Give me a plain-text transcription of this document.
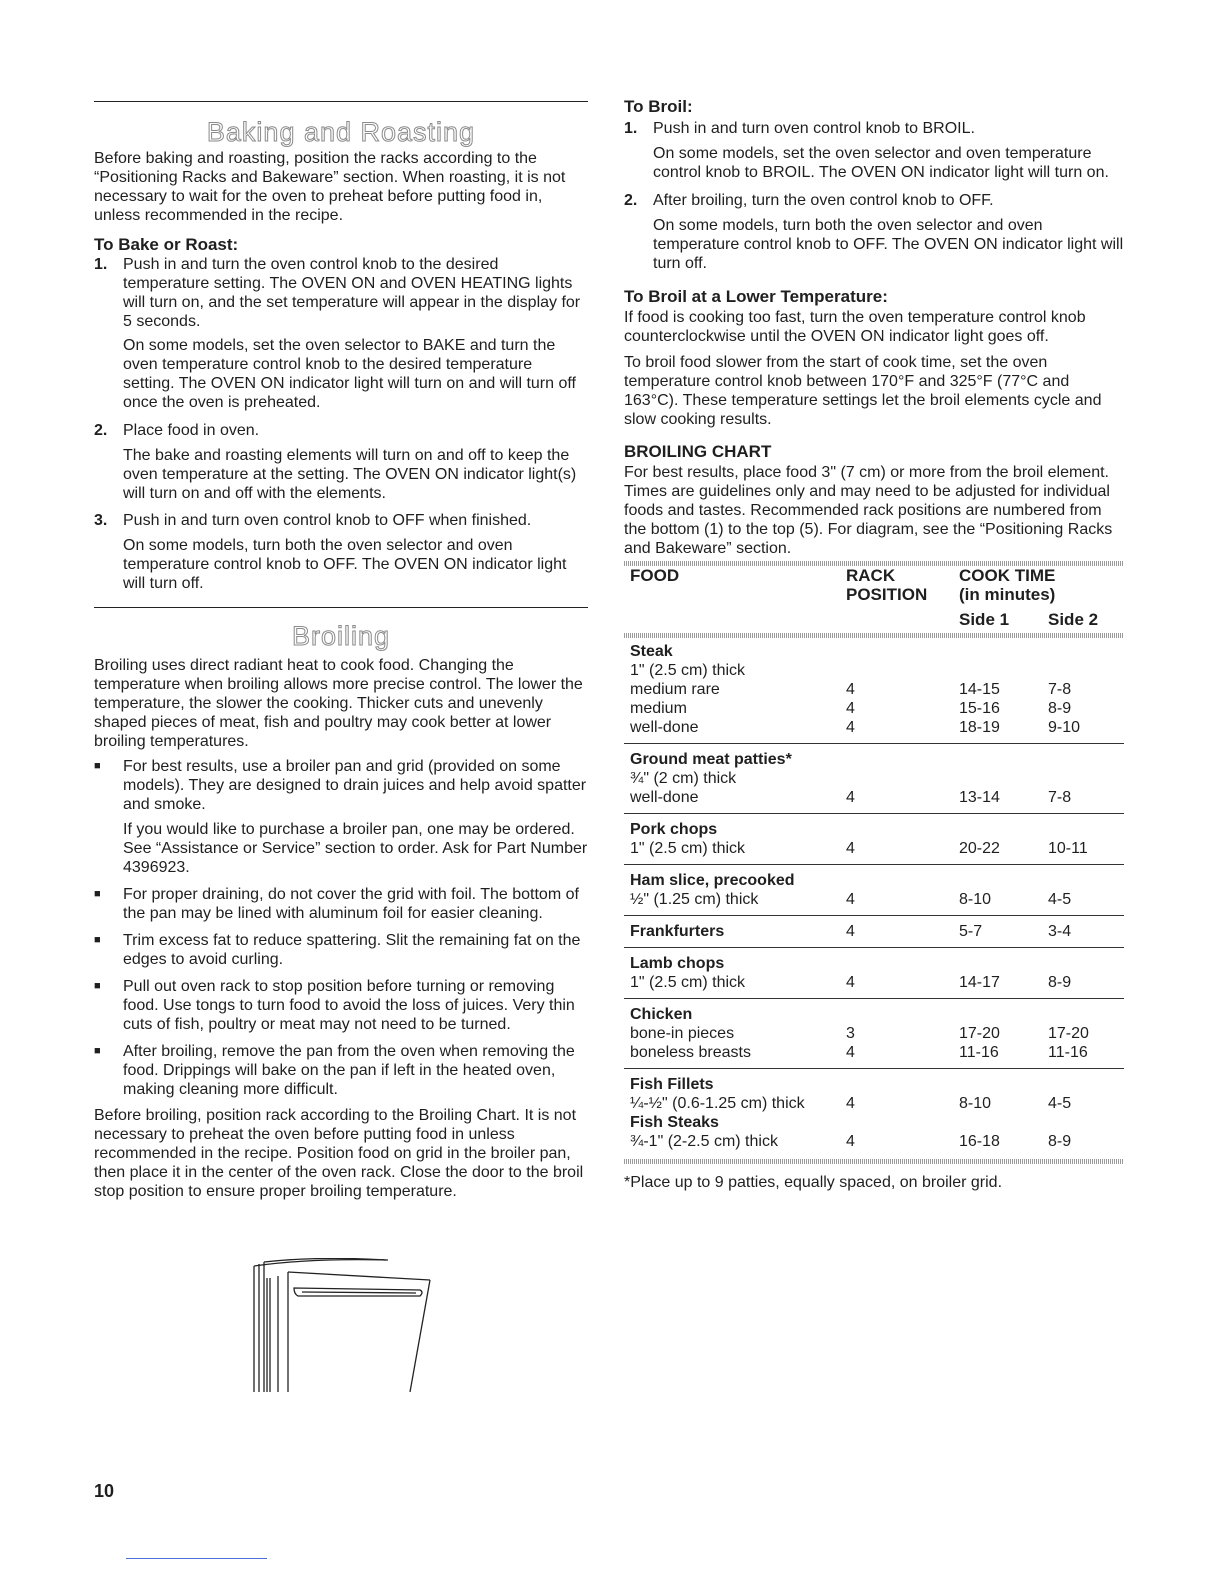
Baking and Roasting

Before baking and roasting, position the racks according to the “Positioning Racks and Bakeware” section. When roasting, it is not necessary to wait for the oven to preheat before putting food in, unless recommended in the recipe.

To Bake or Roast:
1. Push in and turn the oven control knob to the desired temperature setting. The OVEN ON and OVEN HEATING lights will turn on, and the set temperature will appear in the display for 5 seconds.

On some models, set the oven selector to BAKE and turn the oven temperature control knob to the desired temperature setting. The OVEN ON indicator light will turn on and will turn off once the oven is preheated.

2. Place food in oven.

The bake and roasting elements will turn on and off to keep the oven temperature at the setting. The OVEN ON indicator light(s) will turn on and off with the elements.

3. Push in and turn oven control knob to OFF when finished.

On some models, turn both the oven selector and oven temperature control knob to OFF. The OVEN ON indicator light will turn off.

Broiling

Broiling uses direct radiant heat to cook food. Changing the temperature when broiling allows more precise control. The lower the temperature, the slower the cooking. Thicker cuts and unevenly shaped pieces of meat, fish and poultry may cook better at lower broiling temperatures.

■	For best results, use a broiler pan and grid (provided on some models). They are designed to drain juices and help avoid spatter and smoke.

If you would like to purchase a broiler pan, one may be ordered. See “Assistance or Service” section to order. Ask for Part Number 4396923.

■	For proper draining, do not cover the grid with foil. The bottom of the pan may be lined with aluminum foil for easier cleaning.
■	Trim excess fat to reduce spattering. Slit the remaining fat on the edges to avoid curling.
■	Pull out oven rack to stop position before turning or removing food. Use tongs to turn food to avoid the loss of juices. Very thin cuts of fish, poultry or meat may not need to be turned.
■	After broiling, remove the pan from the oven when removing the food. Drippings will bake on the pan if left in the heated oven, making cleaning more difficult.

Before broiling, position rack according to the Broiling Chart. It is not necessary to preheat the oven before putting food in unless recommended in the recipe. Position food on grid in the broiler pan, then place it in the center of the oven rack. Close the door to the broil stop position to ensure proper broiling temperature.

To Broil:
1. Push in and turn oven control knob to BROIL.

On some models, set the oven selector and oven temperature control knob to BROIL. The OVEN ON indicator light will turn on.

2. After broiling, turn the oven control knob to OFF.

On some models, turn both the oven selector and oven temperature control knob to OFF. The OVEN ON indicator light will turn off.

To Broil at a Lower Temperature:

If food is cooking too fast, turn the oven temperature control knob counterclockwise until the OVEN ON indicator light goes off.

To broil food slower from the start of cook time, set the oven temperature control knob between 170°F and 325°F (77°C and 163°C). These temperature settings let the broil elements cycle and slow cooking results.

BROILING CHART

For best results, place food 3" (7 cm) or more from the broil element. Times are guidelines only and may need to be adjusted for individual foods and tastes. Recommended rack positions are numbered from the bottom (1) to the top (5). For diagram, see the “Positioning Racks and Bakeware” section.

FOOD	RACK	COOK TIME	
	POSITION	(in minutes)	
		Side 1	Side 2

Steak			
1" (2.5 cm) thick			
medium rare	4	14-15	7-8
medium	4	15-16	8-9
well-done	4	18-19	9-10
Ground meat patties*			
¾" (2 cm) thick			
well-done	4	13-14	7-8
Pork chops			
1" (2.5 cm) thick	4	20-22	10-11
Ham slice, precooked			
½" (1.25 cm) thick	4	8-10	4-5
Frankfurters	4	5-7	3-4
Lamb chops			
1" (2.5 cm) thick	4	14-17	8-9
Chicken			
bone-in pieces	3	17-20	17-20
boneless breasts	4	11-16	11-16
Fish Fillets			
¼-½" (0.6-1.25 cm) thick	4	8-10	4-5
Fish Steaks			
¾-1" (2-2.5 cm) thick	4	16-18	8-9

*Place up to 9 patties, equally spaced, on broiler grid.

10
